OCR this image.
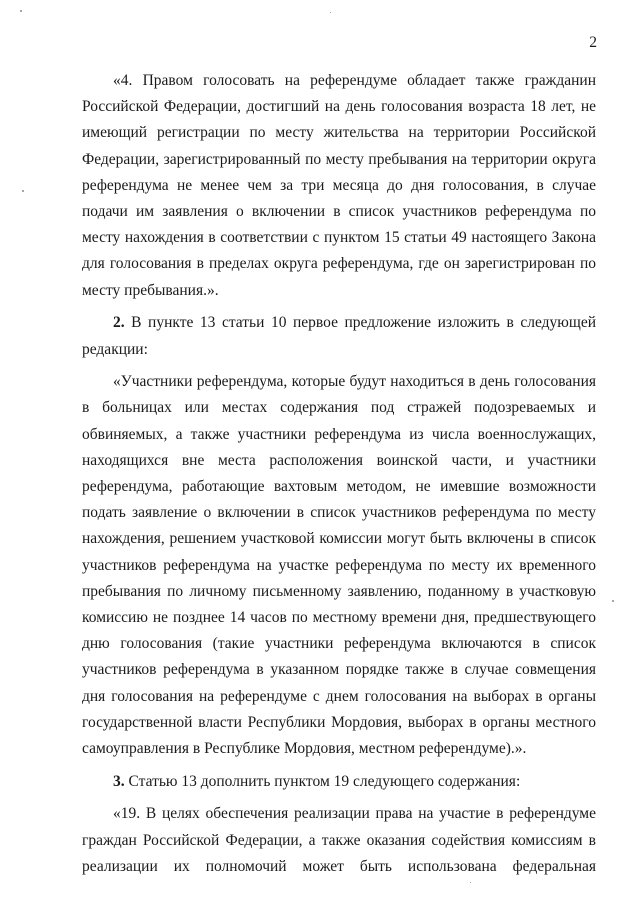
2

«4. Правом голосовать на референдуме обладает также гражданин Российской Федерации, достигший на день голосования возраста 18 лет, не имеющий регистрации по месту жительства на территории Российской Федерации, зарегистрированный по месту пребывания на территории округа референдума не менее чем за три месяца до дня голосования, в случае подачи им заявления о включении в список участников референдума по месту нахождения в соответствии с пунктом 15 статьи 49 настоящего Закона для голосования в пределах округа референдума, где он зарегистрирован по месту пребывания.».

2. В пункте 13 статьи 10 первое предложение изложить в следующей редакции:

«Участники референдума, которые будут находиться в день голосования в больницах или местах содержания под стражей подозреваемых и обвиняемых, а также участники референдума из числа военнослужащих, находящихся вне места расположения воинской части, и участники референдума, работающие вахтовым методом, не имевшие возможности подать заявление о включении в список участников референдума по месту нахождения, решением участковой комиссии могут быть включены в список участников референдума на участке референдума по месту их временного пребывания по личному письменному заявлению, поданному в участковую комиссию не позднее 14 часов по местному времени дня, предшествующего дню голосования (такие участники референдума включаются в список участников референдума в указанном порядке также в случае совмещения дня голосования на референдуме с днем голосования на выборах в органы государственной власти Республики Мордовия, выборах в органы местного самоуправления в Республике Мордовия, местном референдуме).».

3. Статью 13 дополнить пунктом 19 следующего содержания:

«19. В целях обеспечения реализации права на участие в референдуме граждан Российской Федерации, а также оказания содействия комиссиям в реализации их полномочий может быть использована федеральная
